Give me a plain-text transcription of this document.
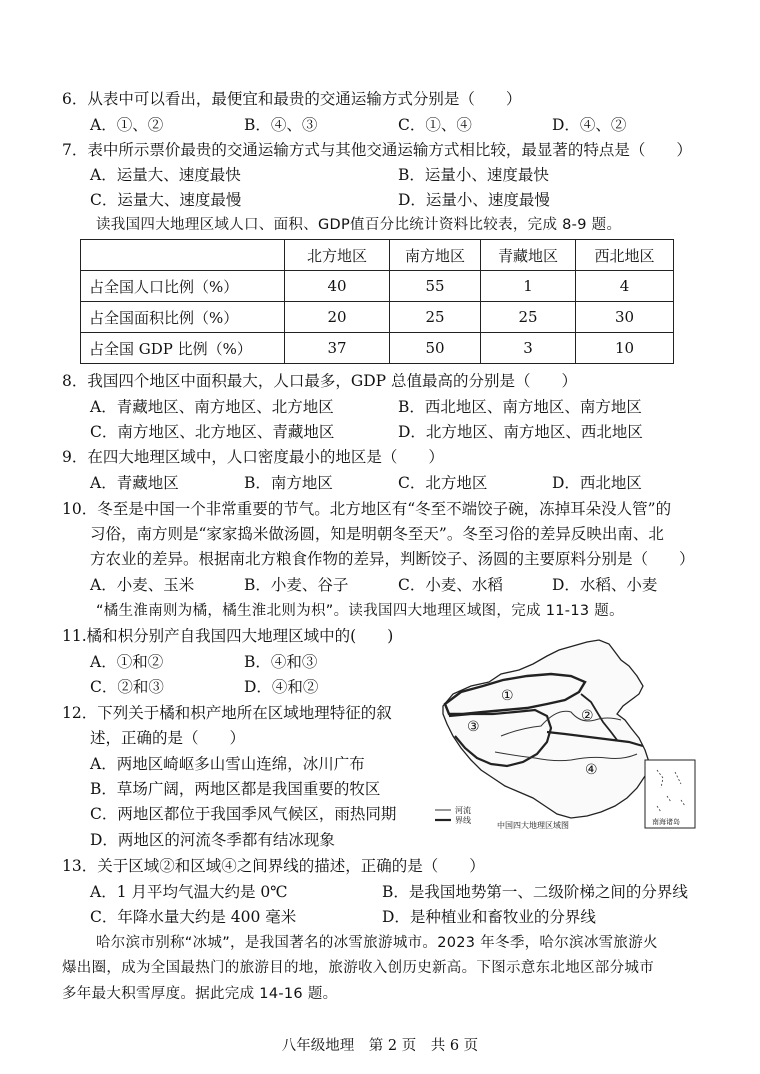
6．从表中可以看出，最便宜和最贵的交通运输方式分别是（　　）
A．①、②	B．④、③	C．①、④	D．④、②
7．表中所示票价最贵的交通运输方式与其他交通运输方式相比较，最显著的特点是（　　）
A．运量大、速度最快	B．运量小、速度最快
C．运量大、速度最慢	D．运量小、速度最慢
读我国四大地理区域人口、面积、GDP值百分比统计资料比较表，完成 8-9 题。
	北方地区	南方地区	青藏地区	西北地区
占全国人口比例（%）	40	55	1	4
占全国面积比例（%）	20	25	25	30
占全国 GDP 比例（%）	37	50	3	10
8．我国四个地区中面积最大，人口最多，GDP 总值最高的分别是（　　）
A．青藏地区、南方地区、北方地区	B．西北地区、南方地区、南方地区
C．南方地区、北方地区、青藏地区	D．北方地区、南方地区、西北地区
9．在四大地理区域中，人口密度最小的地区是（　　）
A．青藏地区	B．南方地区	C．北方地区	D．西北地区
10．冬至是中国一个非常重要的节气。北方地区有“冬至不端饺子碗，冻掉耳朵没人管”的
习俗，南方则是“家家捣米做汤圆，知是明朝冬至天”。冬至习俗的差异反映出南、北
方农业的差异。根据南北方粮食作物的差异，判断饺子、汤圆的主要原料分别是（　　）
A．小麦、玉米	B．小麦、谷子	C．小麦、水稻	D．水稻、小麦
“橘生淮南则为橘，橘生淮北则为枳”。读我国四大地理区域图，完成 11-13 题。
11.橘和枳分别产自我国四大地理区域中的(　　)
A．①和②	B．④和③
C．②和③	D．④和②
12．下列关于橘和枳产地所在区域地理特征的叙
述，正确的是（　　）
A．两地区崎岖多山雪山连绵，冰川广布
B．草场广阔，两地区都是我国重要的牧区
C．两地区都位于我国季风气候区，雨热同期
D．两地区的河流冬季都有结冰现象
①
②
③
④
河流
界线
中国四大地理区域图	南海诸岛
13．关于区域②和区域④之间界线的描述，正确的是（　　）
A．1 月平均气温大约是 0℃	B．是我国地势第一、二级阶梯之间的分界线
C．年降水量大约是 400 毫米	D．是种植业和畜牧业的分界线
哈尔滨市别称“冰城”，是我国著名的冰雪旅游城市。2023 年冬季，哈尔滨冰雪旅游火
爆出圈，成为全国最热门的旅游目的地，旅游收入创历史新高。下图示意东北地区部分城市
多年最大积雪厚度。据此完成 14-16 题。
八年级地理　第 2 页　共 6 页
